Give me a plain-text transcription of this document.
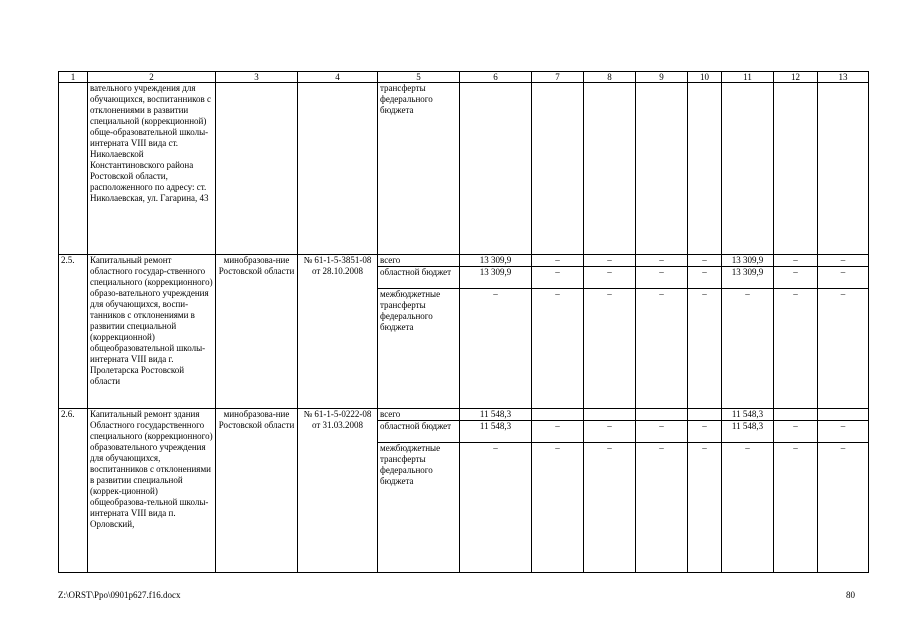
1	2	3	4	5	6	7	8	9	10	11	12	13
	вательного учреждения для обучающихся, воспитанников с отклонениями в развитии специальной (коррекционной) обще-образовательной школы-интерната VIII вида ст. Николаевской Константиновского района Ростовской области, расположенного по адресу: ст. Николаевская, ул. Гагарина, 43			трансферты федерального бюджета								
2.5.	Капитальный ремонт областного государ-ственного специального (коррекционного) образо-вательного учреждения для обучающихся, воспи-танников с отклонениями в развитии специальной (коррекционной) общеобразовательной школы-интерната VIII вида г. Пролетарска Ростовской области	минобразова-ние Ростовской области	№ 61-1-5-3851-08 от 28.10.2008	всего	13 309,9	–	–	–	–	13 309,9	–	–
				областной бюджет	13 309,9	–	–	–	–	13 309,9	–	–
				межбюджетные трансферты федерального бюджета	–	–	–	–	–	–	–	–
2.6.	Капитальный ремонт здания Областного государственного специального (коррекционного) образовательного учреждения для обучающихся, воспитанников с отклонениями в развитии специальной (коррек-ционной) общеобразова-тельной школы-интерната VIII вида п. Орловский,	минобразова-ние Ростовской области	№ 61-1-5-0222-08 от 31.03.2008	всего	11 548,3					11 548,3		
				областной бюджет	11 548,3	–	–	–	–	11 548,3	–	–
				межбюджетные трансферты федерального бюджета	–	–	–	–	–	–	–	–
Z:\ORST\Ppo\0901p627.f16.docx	80
